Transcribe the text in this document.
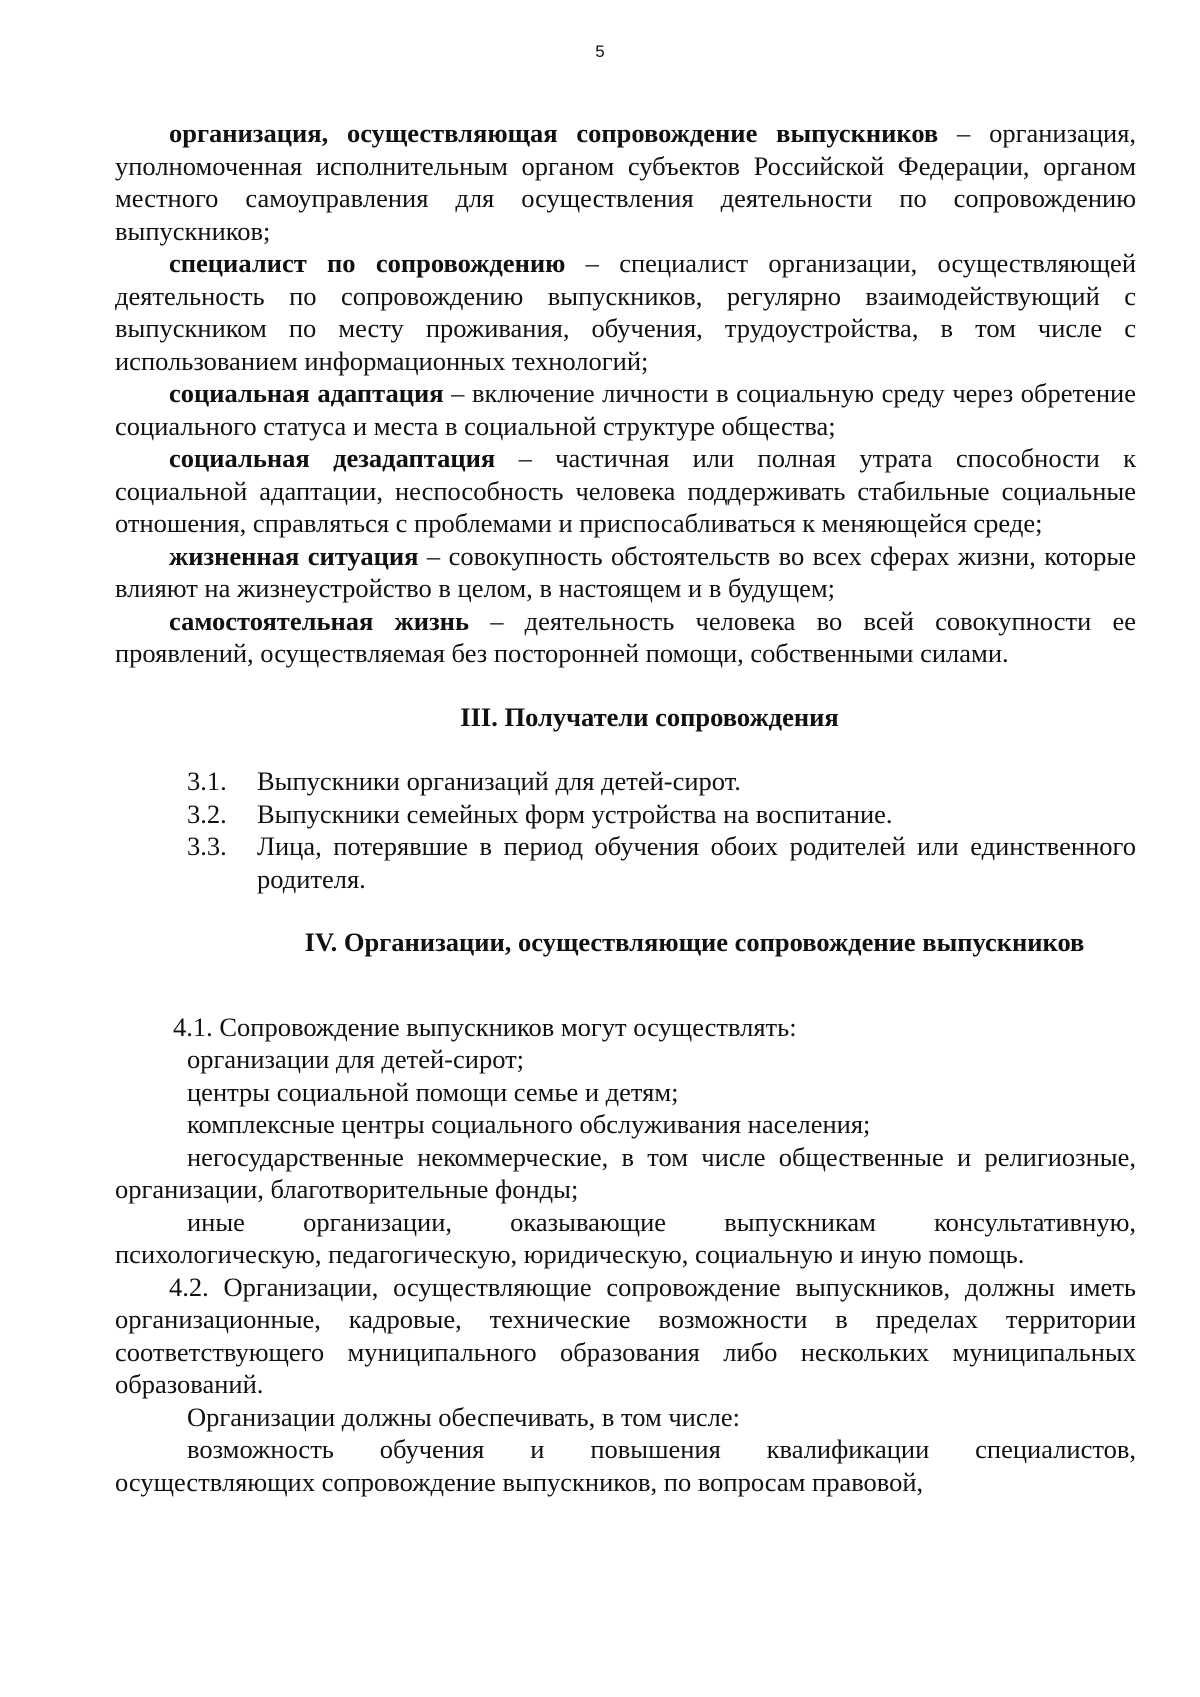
5

организация, осуществляющая сопровождение выпускников – организация, уполномоченная исполнительным органом субъектов Российской Федерации, органом местного самоуправления для осуществления деятельности по сопровождению выпускников;

специалист по сопровождению – специалист организации, осуществляющей деятельность по сопровождению выпускников, регулярно взаимодействующий с выпускником по месту проживания, обучения, трудоустройства, в том числе с использованием информационных технологий;

социальная адаптация – включение личности в социальную среду через обретение социального статуса и места в социальной структуре общества;

социальная дезадаптация – частичная или полная утрата способности к социальной адаптации, неспособность человека поддерживать стабильные социальные отношения, справляться с проблемами и приспосабливаться к меняющейся среде;

жизненная ситуация – совокупность обстоятельств во всех сферах жизни, которые влияют на жизнеустройство в целом, в настоящем и в будущем;

самостоятельная жизнь – деятельность человека во всей совокупности ее проявлений, осуществляемая без посторонней помощи, собственными силами.

III. Получатели сопровождения
3.1.	Выпускники организаций для детей-сирот.
3.2.	Выпускники семейных форм устройства на воспитание.
3.3.	Лица, потерявшие в период обучения обоих родителей или единственного родителя.
IV. Организации, осуществляющие сопровождение выпускников

4.1. Сопровождение выпускников могут осуществлять:

организации для детей-сирот;

центры социальной помощи семье и детям;

комплексные центры социального обслуживания населения;

негосударственные некоммерческие, в том числе общественные и религиозные, организации, благотворительные фонды;

иные организации, оказывающие выпускникам консультативную, психологическую, педагогическую, юридическую, социальную и иную помощь.

4.2. Организации, осуществляющие сопровождение выпускников, должны иметь организационные, кадровые, технические возможности в пределах территории соответствующего муниципального образования либо нескольких муниципальных образований.

Организации должны обеспечивать, в том числе:

возможность обучения и повышения квалификации специалистов, осуществляющих сопровождение выпускников, по вопросам правовой,
